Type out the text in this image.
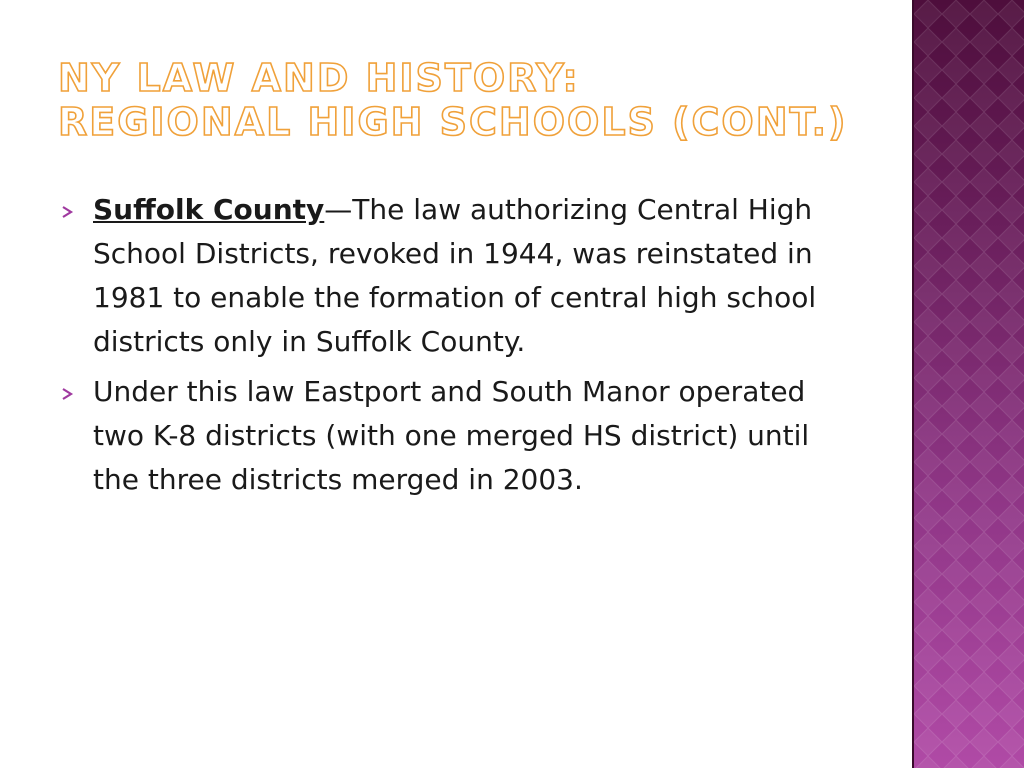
NY LAW AND HISTORY:
REGIONAL HIGH SCHOOLS (CONT.)
Suffolk County—The law authorizing Central High School Districts, revoked in 1944, was reinstated in 1981 to enable the formation of central high school districts only in Suffolk County.
Under this law Eastport and South Manor operated two K-8 districts (with one merged HS district) until the three districts merged in 2003.
